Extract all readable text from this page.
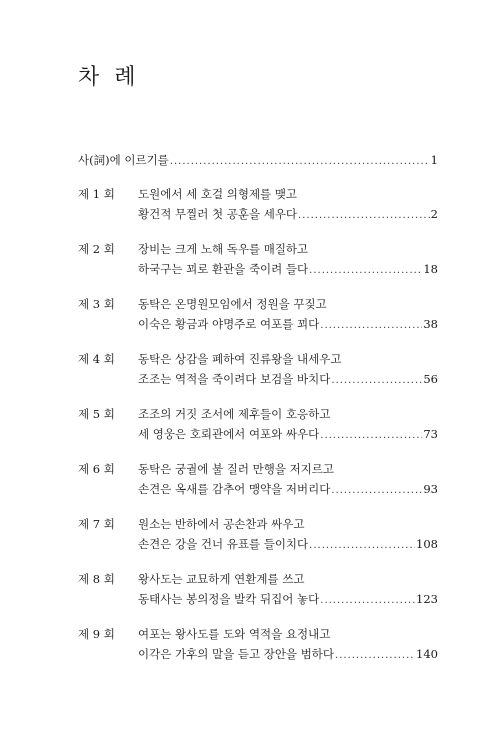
차 례
사(詞)에 이르기를 .....	1
제 1 회	도원에서 세 호걸 의형제를 맺고
황건적 무찔러 첫 공훈을 세우다 .....	2
제 2 회	장비는 크게 노해 독우를 매질하고
하국구는 꾀로 환관을 죽이려 들다 .....	18
제 3 회	동탁은 온명원모임에서 정원을 꾸짖고
이숙은 황금과 야명주로 여포를 꾀다 .....	38
제 4 회	동탁은 상감을 폐하여 진류왕을 내세우고
조조는 역적을 죽이려다 보검을 바치다 .....	56
제 5 회	조조의 거짓 조서에 제후들이 호응하고
세 영웅은 호뢰관에서 여포와 싸우다 .....	73
제 6 회	동탁은 궁궐에 불 질러 만행을 저지르고
손견은 옥새를 감추어 맹약을 저버리다 .....	93
제 7 회	원소는 반하에서 공손찬과 싸우고
손견은 강을 건너 유표를 들이치다 .....	108
제 8 회	왕사도는 교묘하게 연환계를 쓰고
동태사는 봉의정을 발칵 뒤집어 놓다 .....	123
제 9 회	여포는 왕사도를 도와 역적을 요정내고
이각은 가후의 말을 듣고 장안을 범하다 .....	140
